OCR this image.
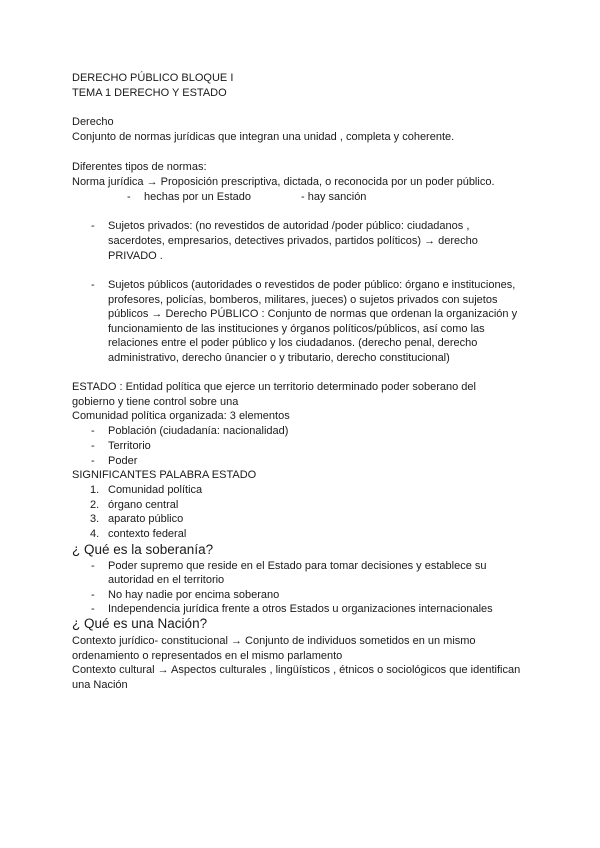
DERECHO PÚBLICO BLOQUE I
TEMA 1 DERECHO Y ESTADO
Derecho
Conjunto de normas jurídicas que integran una unidad , completa y coherente.
Diferentes tipos de normas:
Norma jurídica → Proposición prescriptiva, dictada, o reconocida por un poder público.
- hechas por un Estado	- hay sanción
- Sujetos privados: (no revestidos de autoridad /poder público: ciudadanos ,
sacerdotes, empresarios, detectives privados, partidos políticos) → derecho
PRIVADO .
- Sujetos públicos (autoridades o revestidos de poder público: órgano e instituciones,
profesores, policías, bomberos, militares, jueces) o sujetos privados con sujetos
públicos → Derecho PÚBLICO : Conjunto de normas que ordenan la organización y
funcionamiento de las instituciones y órganos políticos/públicos, así como las
relaciones entre el poder público y los ciudadanos. (derecho penal, derecho
administrativo, derecho ûnancier o y tributario, derecho constitucional)
ESTADO : Entidad política que ejerce un territorio determinado poder soberano del
gobierno y tiene control sobre una
Comunidad política organizada: 3 elementos
- Población (ciudadanía: nacionalidad)
- Territorio
- Poder
SIGNIFICANTES PALABRA ESTADO
1. Comunidad política
2. órgano central
3. aparato público
4. contexto federal
¿ Qué es la soberanía?
- Poder supremo que reside en el Estado para tomar decisiones y establece su
autoridad en el territorio
- No hay nadie por encima soberano
- Independencia jurídica frente a otros Estados u organizaciones internacionales
¿ Qué es una Nación?
Contexto jurídico- constitucional → Conjunto de individuos sometidos en un mismo
ordenamiento o representados en el mismo parlamento
Contexto cultural → Aspectos culturales , lingüísticos , étnicos o sociológicos que identifican
una Nación
